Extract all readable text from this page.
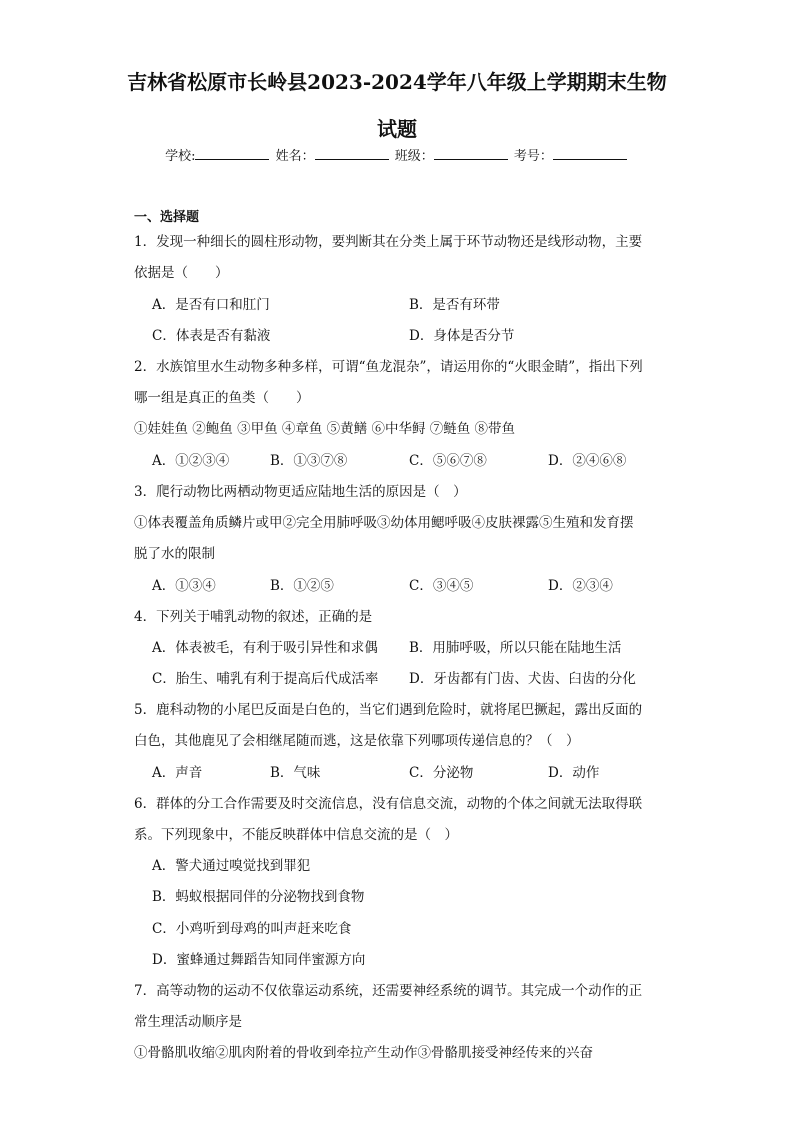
吉林省松原市长岭县2023-2024学年八年级上学期期末生物
试题
学校:	姓名：	班级：	考号：
一、选择题
1．发现一种细长的圆柱形动物，要判断其在分类上属于环节动物还是线形动物，主要
依据是（　　）
A．是否有口和肛门	B．是否有环带
C．体表是否有黏液	D．身体是否分节
2．水族馆里水生动物多种多样，可谓“鱼龙混杂”，请运用你的“火眼金睛”，指出下列
哪一组是真正的鱼类（　　）
①娃娃鱼 ②鲍鱼 ③甲鱼 ④章鱼 ⑤黄鳝 ⑥中华鲟 ⑦鲢鱼 ⑧带鱼
A．①②③④	B．①③⑦⑧	C．⑤⑥⑦⑧	D．②④⑥⑧
3．爬行动物比两栖动物更适应陆地生活的原因是（　）
①体表覆盖角质鳞片或甲②完全用肺呼吸③幼体用鳃呼吸④皮肤裸露⑤生殖和发育摆
脱了水的限制
A．①③④	B．①②⑤	C．③④⑤	D．②③④
4．下列关于哺乳动物的叙述，正确的是
A．体表被毛，有利于吸引异性和求偶 B．用肺呼吸，所以只能在陆地生活
C．胎生、哺乳有利于提高后代成活率 D．牙齿都有门齿、犬齿、臼齿的分化
5．鹿科动物的小尾巴反面是白色的，当它们遇到危险时，就将尾巴撅起，露出反面的
白色，其他鹿见了会相继尾随而逃，这是依靠下列哪项传递信息的？（　）
A．声音	B．气味	C．分泌物	D．动作
6．群体的分工合作需要及时交流信息，没有信息交流，动物的个体之间就无法取得联
系。下列现象中，不能反映群体中信息交流的是（　）
A．警犬通过嗅觉找到罪犯
B．蚂蚁根据同伴的分泌物找到食物
C．小鸡听到母鸡的叫声赶来吃食
D．蜜蜂通过舞蹈告知同伴蜜源方向
7．高等动物的运动不仅依靠运动系统，还需要神经系统的调节。其完成一个动作的正
常生理活动顺序是
①骨骼肌收缩②肌肉附着的骨收到牵拉产生动作③骨骼肌接受神经传来的兴奋
